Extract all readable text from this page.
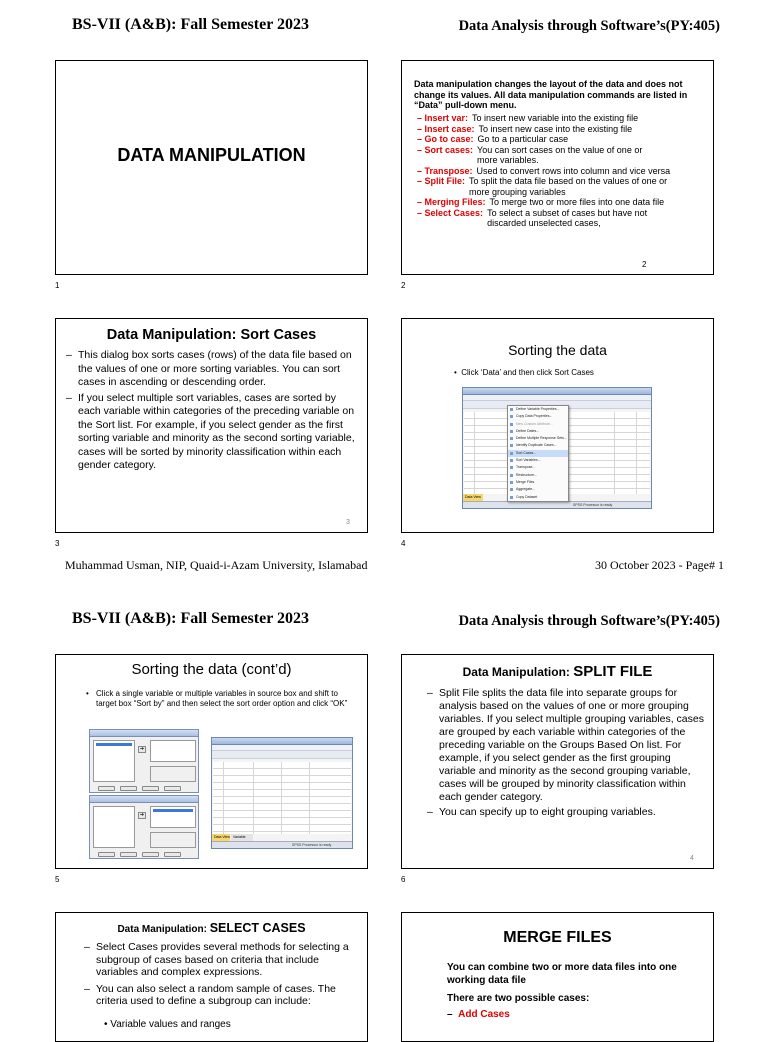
BS-VII (A&B): Fall Semester 2023	Data Analysis through Software’s(PY:405)
DATA MANIPULATION
1
Data manipulation changes the layout of the data and does not change its values. All data manipulation commands are listed in “Data” pull-down menu.
– Insert var: To insert new variable into the existing file
– Insert case: To insert new case into the existing file
– Go to case: Go to a particular case
– Sort cases: You can sort cases on the value of one or more variables.
– Transpose: Used to convert rows into column and vice versa
– Split File: To split the data file based on the values of one or more grouping variables
– Merging Files: To merge two or more files into one data file
– Select Cases: To select a subset of cases but have not discarded unselected cases,
2
2
Data Manipulation: Sort Cases

– This dialog box sorts cases (rows) of the data file based on the values of one or more sorting variables. You can sort cases in ascending or descending order.

– If you select multiple sort variables, cases are sorted by each variable within categories of the preceding variable on the Sort list. For example, if you select gender as the first sorting variable and minority as the second sorting variable, cases will be sorted by minority classification within each gender category.

3
3
Sorting the data
•  Click ‘Data’ and then click Sort Cases
Data View
SPSS Processor is ready
Define Variable Properties...
Copy Data Properties...
New Custom Attribute...
Define Dates...
Define Multiple Response Sets...
Identify Duplicate Cases...
Sort Cases...
Sort Variables...
Transpose...
Restructure...
Merge Files
Aggregate...
Copy Dataset
4
Muhammad Usman, NIP, Quaid-i-Azam University, Islamabad	30 October 2023 - Page# 1
BS-VII (A&B): Fall Semester 2023	Data Analysis through Software’s(PY:405)
Sorting the data (cont’d)
• Click a single variable or multiple variables in source box and shift to target box “Sort by” and then select the sort order option and click “OK”
➔
➔
Data View Variable
SPSS Processor is ready
5
Data Manipulation: SPLIT FILE

– Split File splits the data file into separate groups for analysis based on the values of one or more grouping variables. If you select multiple grouping variables, cases are grouped by each variable within categories of the preceding variable on the Groups Based On list. For example, if you select gender as the first grouping variable and minority as the second grouping variable, cases will be grouped by minority classification within each gender category.

– You can specify up to eight grouping variables.

4
6
Data Manipulation: SELECT CASES

– Select Cases provides several methods for selecting a subgroup of cases based on criteria that include variables and complex expressions.

– You can also select a random sample of cases. The criteria used to define a subgroup can include:

• Variable values and ranges
MERGE FILES
You can combine two or more data files into one working data file
There are two possible cases:
–  Add Cases
